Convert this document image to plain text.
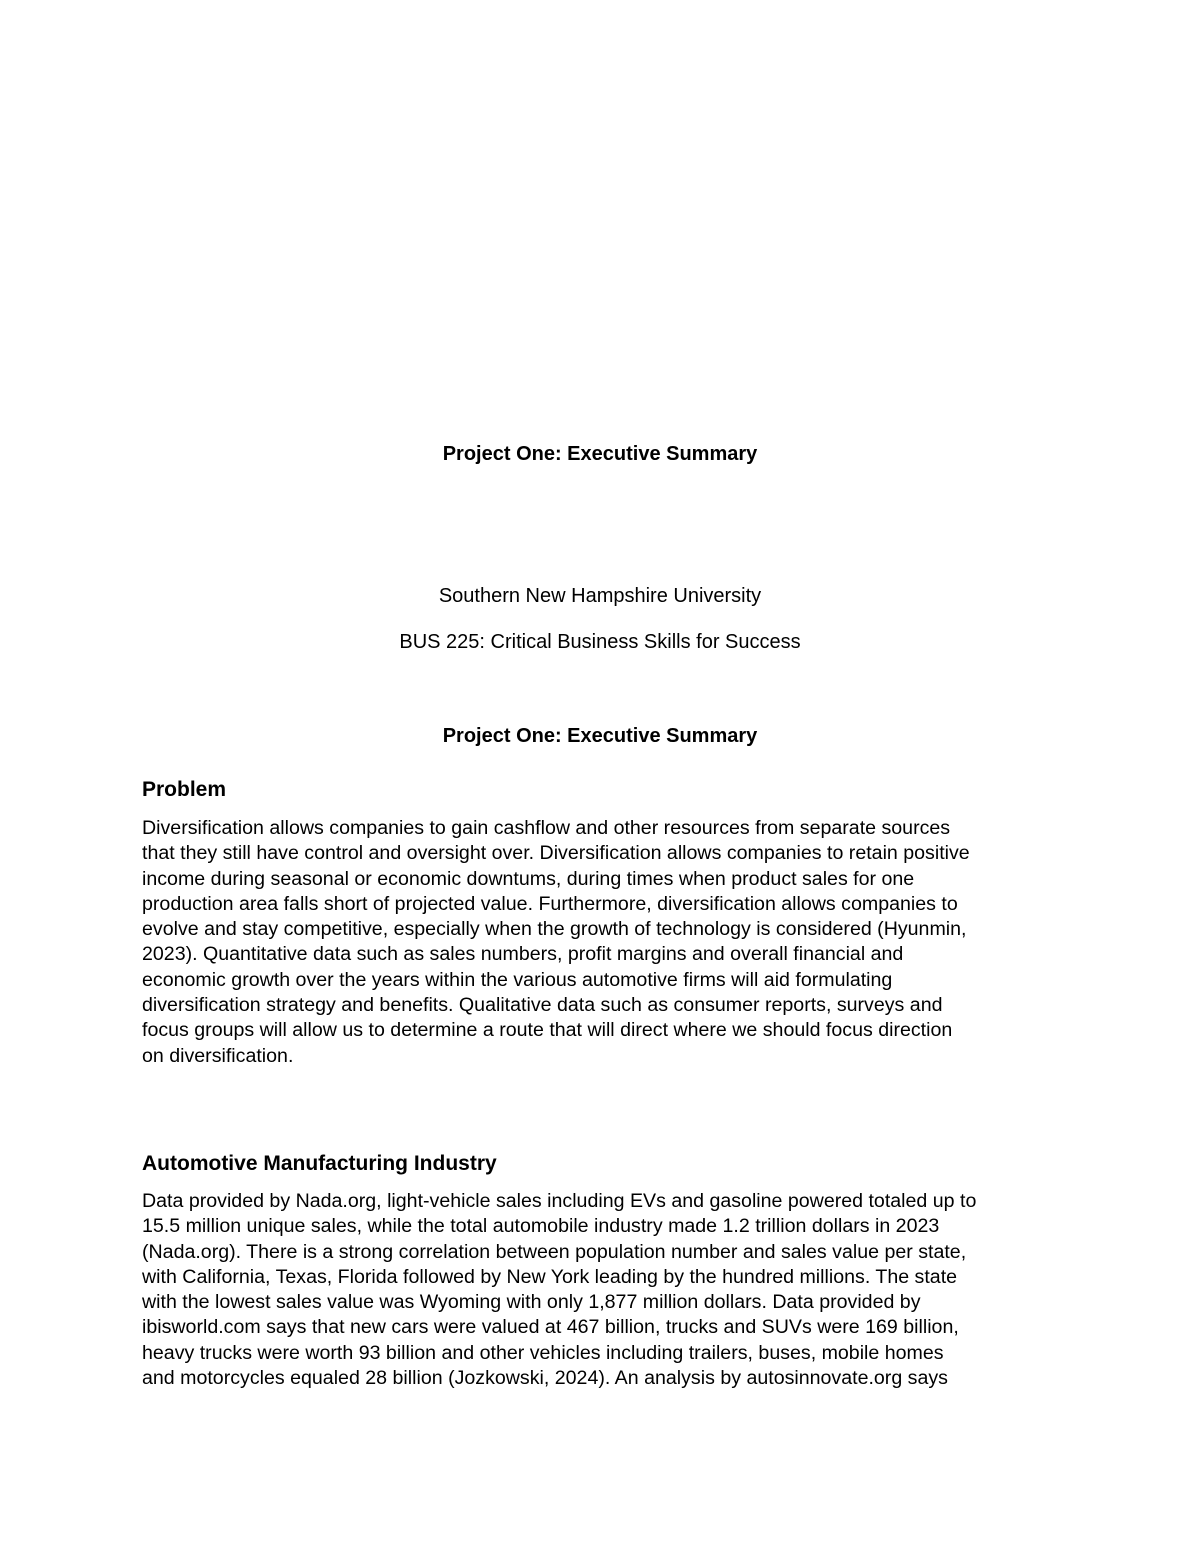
Project One: Executive Summary
Southern New Hampshire University
BUS 225: Critical Business Skills for Success
Project One: Executive Summary
Problem

Diversification allows companies to gain cashflow and other resources from separate sources
that they still have control and oversight over. Diversification allows companies to retain positive
income during seasonal or economic downtums, during times when product sales for one
production area falls short of projected value. Furthermore, diversification allows companies to
evolve and stay competitive, especially when the growth of technology is considered (Hyunmin,
2023). Quantitative data such as sales numbers, profit margins and overall financial and
economic growth over the years within the various automotive firms will aid formulating
diversification strategy and benefits. Qualitative data such as consumer reports, surveys and
focus groups will allow us to determine a route that will direct where we should focus direction
on diversification.

Automotive Manufacturing Industry

Data provided by Nada.org, light-vehicle sales including EVs and gasoline powered totaled up to
15.5 million unique sales, while the total automobile industry made 1.2 trillion dollars in 2023
(Nada.org). There is a strong correlation between population number and sales value per state,
with California, Texas, Florida followed by New York leading by the hundred millions. The state
with the lowest sales value was Wyoming with only 1,877 million dollars. Data provided by
ibisworld.com says that new cars were valued at 467 billion, trucks and SUVs were 169 billion,
heavy trucks were worth 93 billion and other vehicles including trailers, buses, mobile homes
and motorcycles equaled 28 billion (Jozkowski, 2024). An analysis by autosinnovate.org says
